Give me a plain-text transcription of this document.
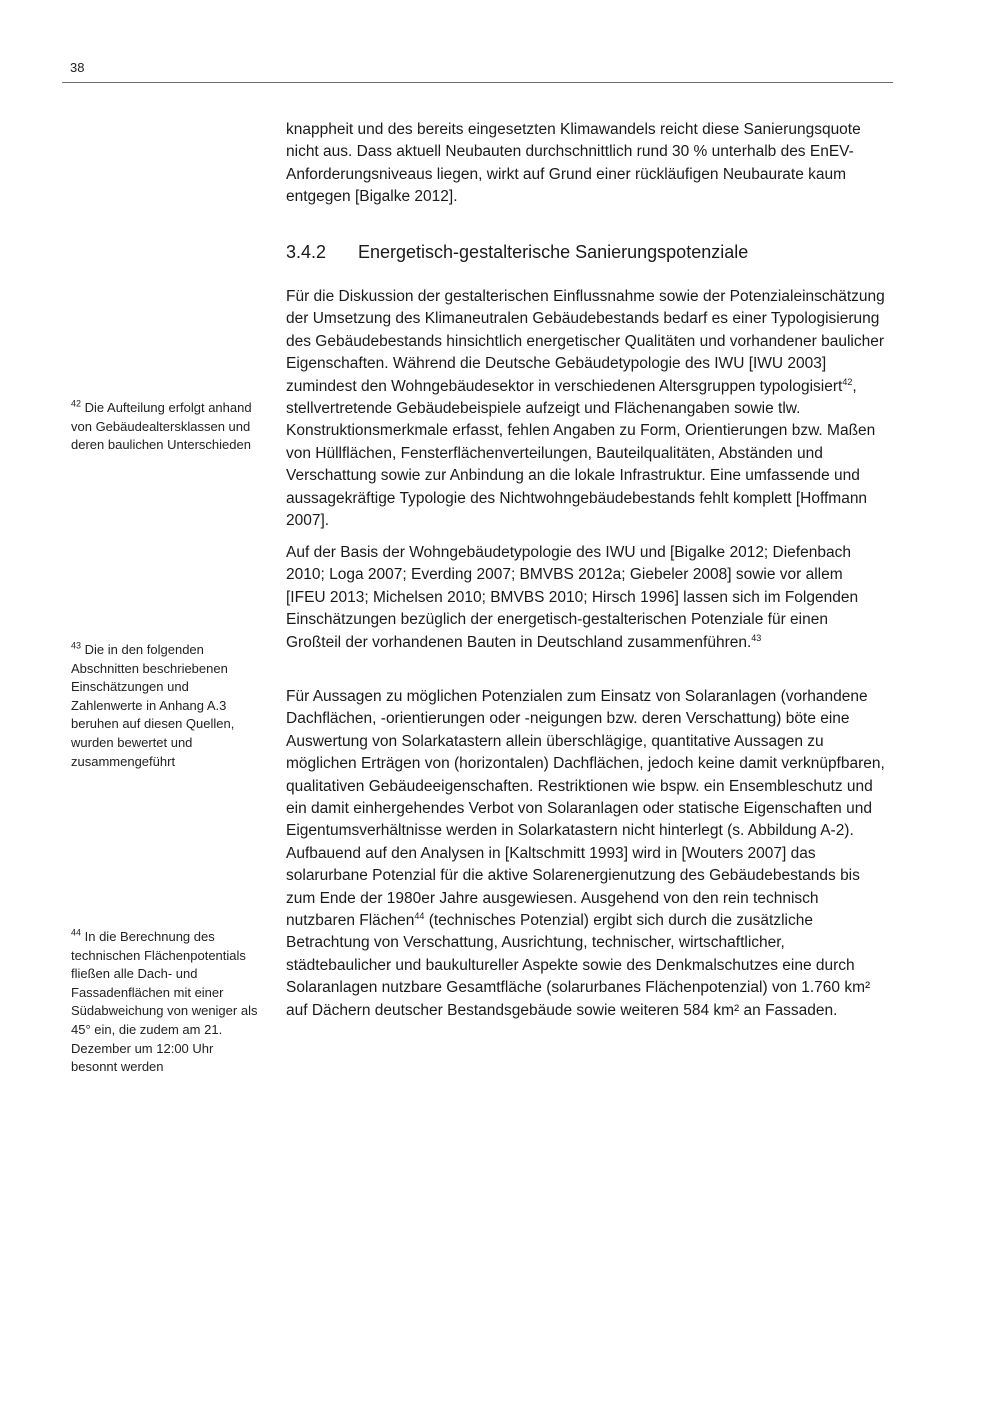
38

knappheit und des bereits eingesetzten Klimawandels reicht diese Sanierungsquote nicht aus. Dass aktuell Neubauten durchschnittlich rund 30 % unterhalb des EnEV-Anforderungsniveaus liegen, wirkt auf Grund einer rückläufigen Neubaurate kaum entgegen [Bigalke 2012].

3.4.2 Energetisch-gestalterische Sanierungspotenziale

Für die Diskussion der gestalterischen Einflussnahme sowie der Potenzialeinschätzung der Umsetzung des Klimaneutralen Gebäudebestands bedarf es einer Typologisierung des Gebäudebestands hinsichtlich energetischer Qualitäten und vorhandener baulicher Eigenschaften. Während die Deutsche Gebäudetypologie des IWU [IWU 2003] zumindest den Wohngebäudesektor in verschiedenen Altersgruppen typologisiert$^{42}$, stellvertretende Gebäudebeispiele aufzeigt und Flächenangaben sowie tlw. Konstruktionsmerkmale erfasst, fehlen Angaben zu Form, Orientierungen bzw. Maßen von Hüllflächen, Fensterflächenverteilungen, Bauteilqualitäten, Abständen und Verschattung sowie zur Anbindung an die lokale Infrastruktur. Eine umfassende und aussagekräftige Typologie des Nichtwohngebäudebestands fehlt komplett [Hoffmann 2007].

Auf der Basis der Wohngebäudetypologie des IWU und [Bigalke 2012; Diefenbach 2010; Loga 2007; Everding 2007; BMVBS 2012a; Giebeler 2008] sowie vor allem [IFEU 2013; Michelsen 2010; BMVBS 2010; Hirsch 1996] lassen sich im Folgenden Einschätzungen bezüglich der energetisch-gestalterischen Potenziale für einen Großteil der vorhandenen Bauten in Deutschland zusammenführen.$^{43}$

Für Aussagen zu möglichen Potenzialen zum Einsatz von Solaranlagen (vorhandene Dachflächen, -orientierungen oder -neigungen bzw. deren Verschattung) böte eine Auswertung von Solarkatastern allein überschlägige, quantitative Aussagen zu möglichen Erträgen von (horizontalen) Dachflächen, jedoch keine damit verknüpfbaren, qualitativen Gebäudeeigenschaften. Restriktionen wie bspw. ein Ensembleschutz und ein damit einhergehendes Verbot von Solaranlagen oder statische Eigenschaften und Eigentumsverhältnisse werden in Solarkatastern nicht hinterlegt (s. Abbildung A-2). Aufbauend auf den Analysen in [Kaltschmitt 1993] wird in [Wouters 2007] das solarurbane Potenzial für die aktive Solarenergienutzung des Gebäudebestands bis zum Ende der 1980er Jahre ausgewiesen. Ausgehend von den rein technisch nutzbaren Flächen$^{44}$ (technisches Potenzial) ergibt sich durch die zusätzliche Betrachtung von Verschattung, Ausrichtung, technischer, wirtschaftlicher, städtebaulicher und baukultureller Aspekte sowie des Denkmalschutzes eine durch Solaranlagen nutzbare Gesamtfläche (solarurbanes Flächenpotenzial) von 1.760 km² auf Dächern deutscher Bestandsgebäude sowie weiteren 584 km² an Fassaden.

$^{42}$ Die Aufteilung erfolgt anhand von Gebäudealtersklassen und deren baulichen Unterschieden
$^{43}$ Die in den folgenden Abschnitten beschriebenen Einschätzungen und Zahlenwerte in Anhang A.3 beruhen auf diesen Quellen, wurden bewertet und zusammengeführt
$^{44}$ In die Berechnung des technischen Flächenpotentials fließen alle Dach- und Fassadenflächen mit einer Südabweichung von weniger als 45° ein, die zudem am 21. Dezember um 12:00 Uhr besonnt werden
